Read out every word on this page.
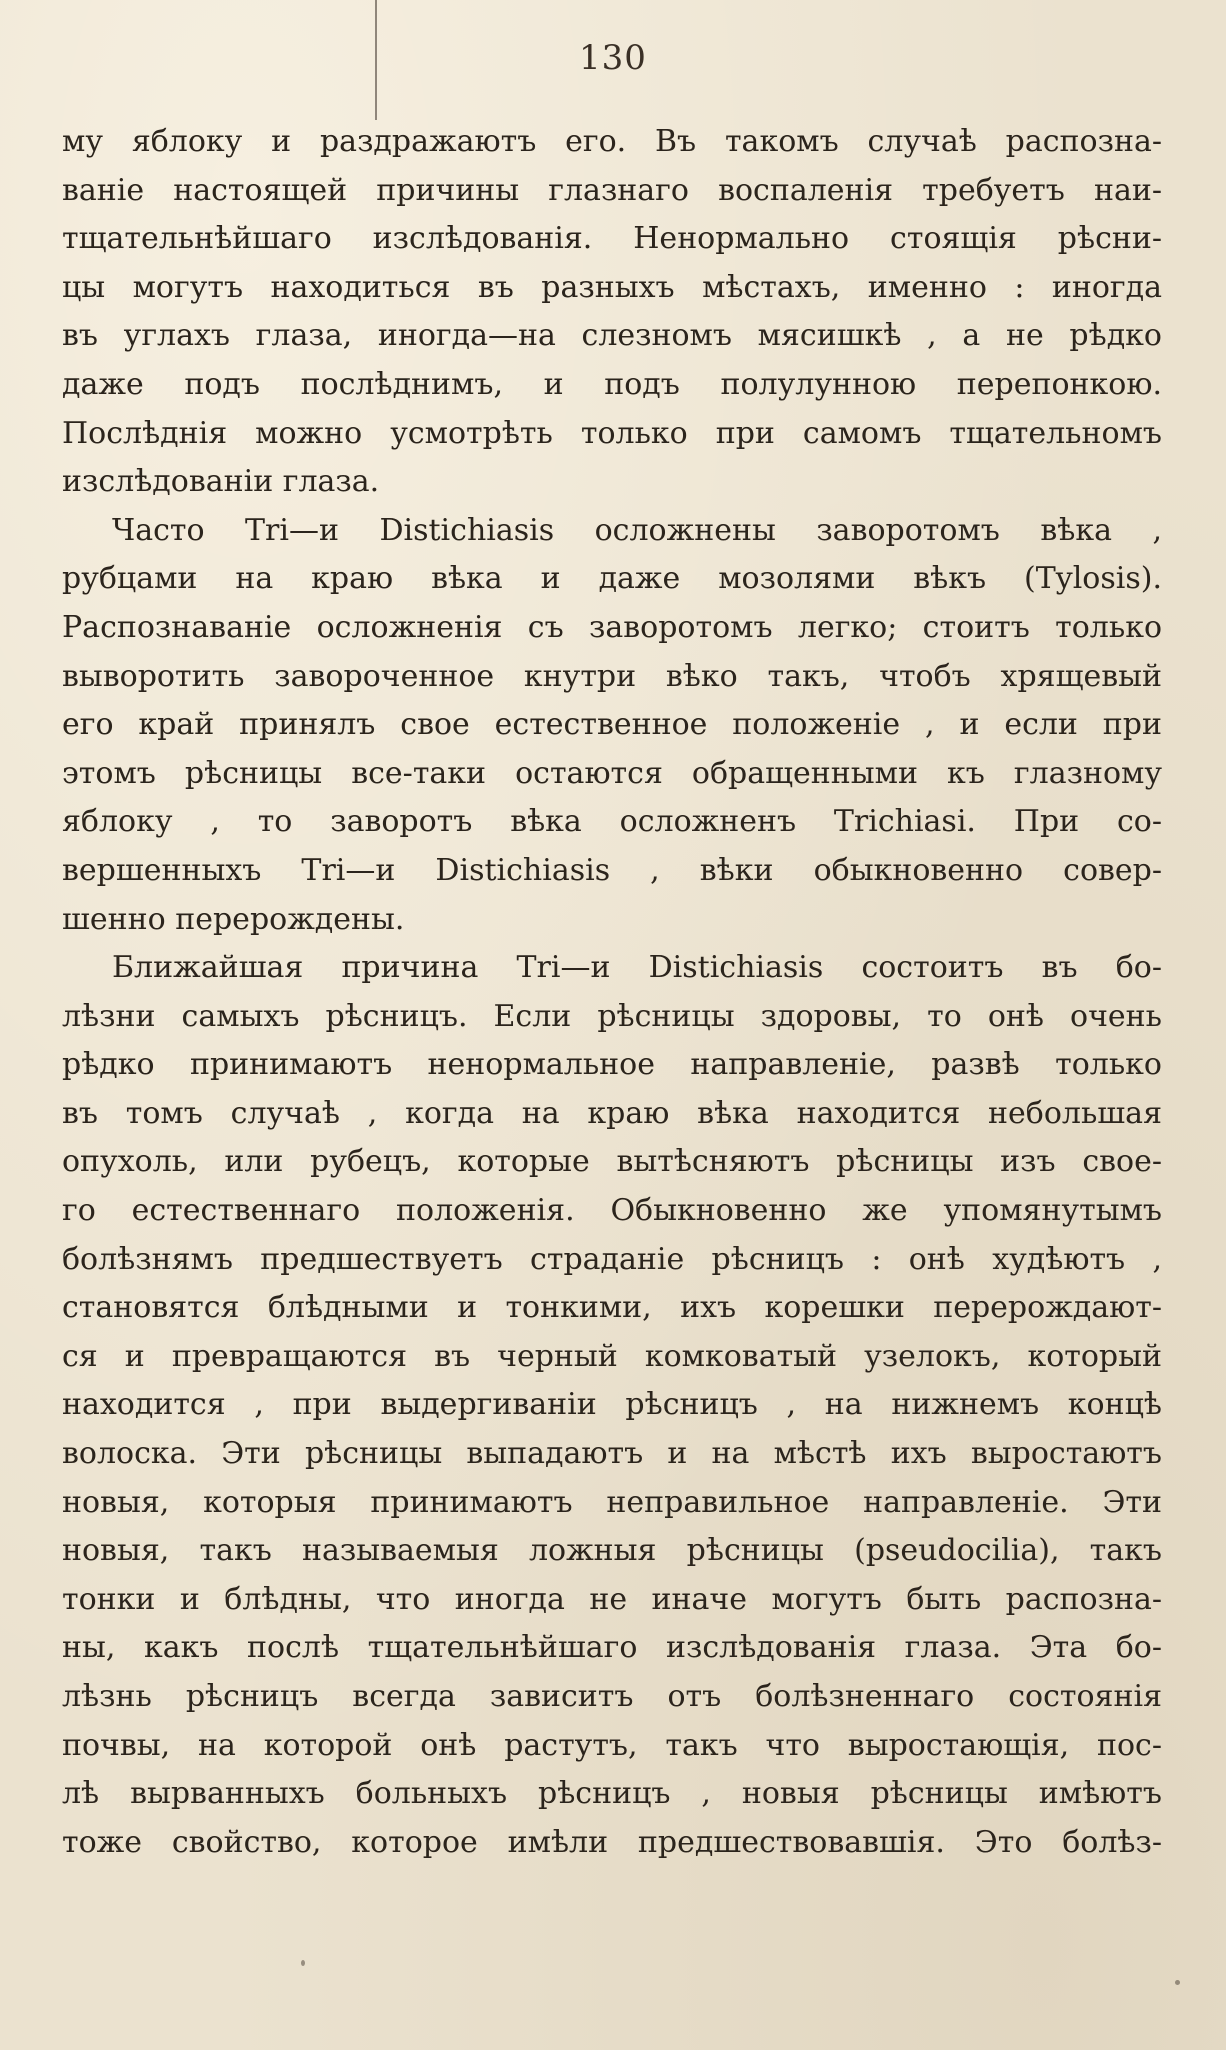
130
му яблоку и раздражаютъ его. Въ такомъ случаѣ распозна-
ваніе настоящей причины глазнаго воспаленія требуетъ наи-
тщательнѣйшаго изслѣдованія. Ненормально стоящія рѣсни-
цы могутъ находиться въ разныхъ мѣстахъ, именно : иногда
въ углахъ глаза, иногда—на слезномъ мясишкѣ , а не рѣдко
даже подъ послѣднимъ, и подъ полулунною перепонкою.
Послѣднія можно усмотрѣть только при самомъ тщательномъ
изслѣдованіи глаза.
Часто Tri—и Distichiasis осложнены заворотомъ вѣка ,
рубцами на краю вѣка и даже мозолями вѣкъ (Tylosis).
Распознаваніе осложненія съ заворотомъ легко; стоитъ только
выворотить завороченное кнутри вѣко такъ, чтобъ хрящевый
его край принялъ свое естественное положеніе , и если при
этомъ рѣсницы все-таки остаются обращенными къ глазному
яблоку , то заворотъ вѣка осложненъ Trichiasi. При со-
вершенныхъ Tri—и Distichiasis , вѣки обыкновенно совер-
шенно перерождены.
Ближайшая причина Tri—и Distichiasis состоитъ въ бо-
лѣзни самыхъ рѣсницъ. Если рѣсницы здоровы, то онѣ очень
рѣдко принимаютъ ненормальное направленіе, развѣ только
въ томъ случаѣ , когда на краю вѣка находится небольшая
опухоль, или рубецъ, которые вытѣсняютъ рѣсницы изъ свое-
го естественнаго положенія. Обыкновенно же упомянутымъ
болѣзнямъ предшествуетъ страданіе рѣсницъ : онѣ худѣютъ ,
становятся блѣдными и тонкими, ихъ корешки перерождают-
ся и превращаются въ черный комковатый узелокъ, который
находится , при выдергиваніи рѣсницъ , на нижнемъ концѣ
волоска. Эти рѣсницы выпадаютъ и на мѣстѣ ихъ выростаютъ
новыя, которыя принимаютъ неправильное направленіе. Эти
новыя, такъ называемыя ложныя рѣсницы (pseudocilia), такъ
тонки и блѣдны, что иногда не иначе могутъ быть распозна-
ны, какъ послѣ тщательнѣйшаго изслѣдованія глаза. Эта бо-
лѣзнь рѣсницъ всегда зависитъ отъ болѣзненнаго состоянія
почвы, на которой онѣ растутъ, такъ что выростающія, пос-
лѣ вырванныхъ больныхъ рѣсницъ , новыя рѣсницы имѣютъ
тоже свойство, которое имѣли предшествовавшія. Это болѣз-
